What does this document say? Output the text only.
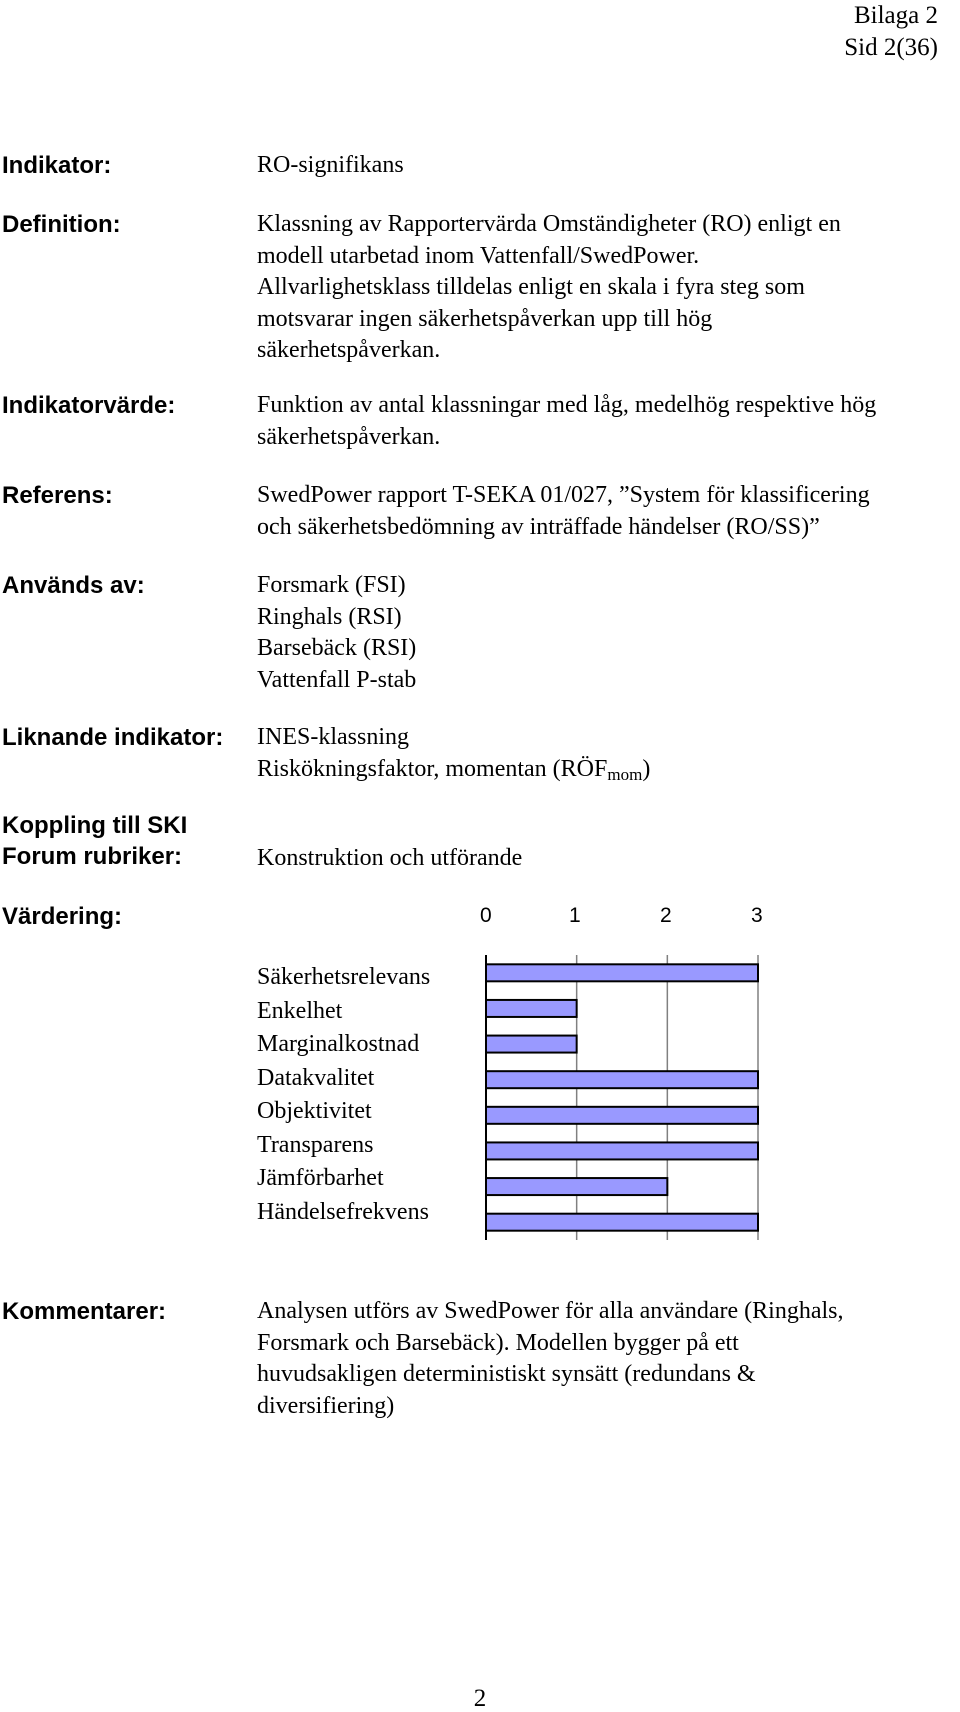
Bilaga 2
Sid 2(36)
Indikator:	RO-signifikans
Definition:	Klassning av Rapportervärda Omständigheter (RO) enligt en
modell utarbetad inom Vattenfall/SwedPower.
Allvarlighetsklass tilldelas enligt en skala i fyra steg som
motsvarar ingen säkerhetspåverkan upp till hög
säkerhetspåverkan.
Indikatorvärde:	Funktion av antal klassningar med låg, medelhög respektive hög
säkerhetspåverkan.
Referens:	SwedPower rapport T-SEKA 01/027, ”System för klassificering
och säkerhetsbedömning av inträffade händelser (RO/SS)”
Används av:	Forsmark (FSI)
Ringhals (RSI)
Barsebäck (RSI)
Vattenfall P-stab
Liknande indikator: INES-klassning
Riskökningsfaktor, momentan $(RÖF_{mom})$
Koppling till SKI
Forum rubriker:	Konstruktion och utförande
Värdering:	0	1	2	3
Säkerhetsrelevans
Enkelhet
Marginalkostnad
Datakvalitet
Objektivitet
Transparens
Jämförbarhet
Händelsefrekvens
Kommentarer:	Analysen utförs av SwedPower för alla användare (Ringhals,
Forsmark och Barsebäck). Modellen bygger på ett
huvudsakligen deterministiskt synsätt (redundans &
diversifiering)
2
